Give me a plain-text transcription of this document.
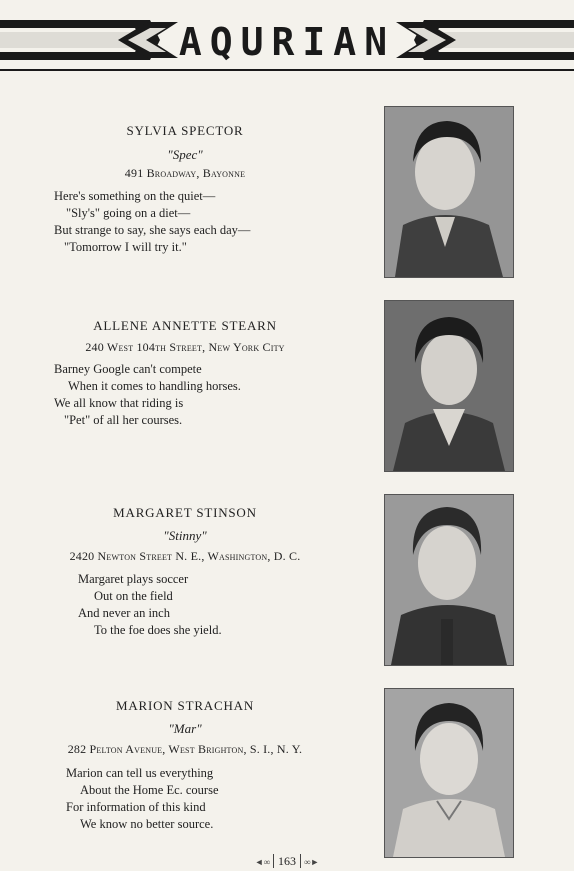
AQURIAN
SYLVIA SPECTOR
"Spec"
491 Broadway, Bayonne
Here's something on the quiet—
"Sly's" going on a diet—
But strange to say, she says each day—
"Tomorrow I will try it."
ALLENE ANNETTE STEARN
240 West 104th Street, New York City
Barney Google can't compete
When it comes to handling horses.
We all know that riding is
"Pet" of all her courses.
MARGARET STINSON
"Stinny"
2420 Newton Street N. E., Washington, D. C.
Margaret plays soccer
Out on the field
And never an inch
To the foe does she yield.
MARION STRACHAN
"Mar"
282 Pelton Avenue, West Brighton, S. I., N. Y.
Marion can tell us everything
About the Home Ec. course
For information of this kind
We know no better source.
◄∞ 163 ∞►
